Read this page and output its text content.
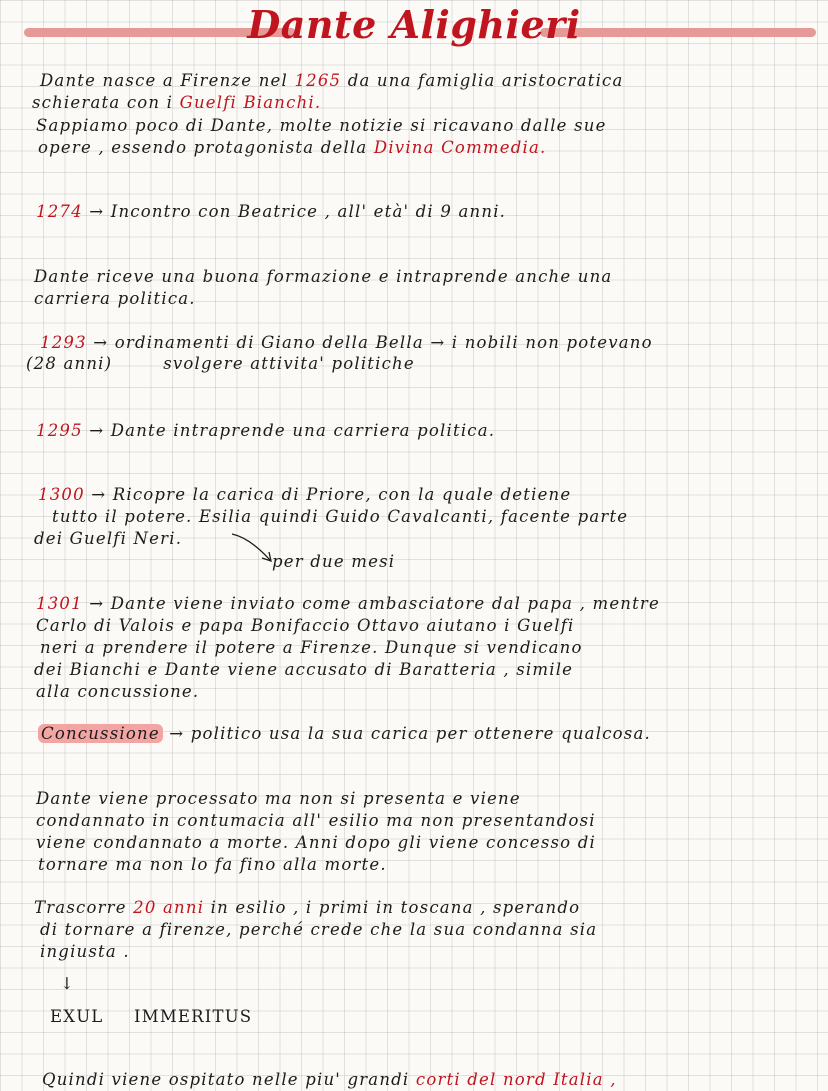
Dante Alighieri
Dante nasce a Firenze nel 1265 da una famiglia aristocratica
schierata con i Guelfi Bianchi.
Sappiamo poco di Dante, molte notizie si ricavano dalle sue
opere , essendo protagonista della Divina Commedia.
1274 → Incontro con Beatrice , all' età' di 9 anni.
Dante riceve una buona formazione e intraprende anche una
carriera politica.
1293 → ordinamenti di Giano della Bella → i nobili non potevano
(28 anni)	svolgere attivita' politiche
1295 → Dante intraprende una carriera politica.
1300 → Ricopre la carica di Priore, con la quale detiene
tutto il potere. Esilia quindi Guido Cavalcanti, facente parte
dei Guelfi Neri.
per due mesi
1301 → Dante viene inviato come ambasciatore dal papa , mentre
Carlo di Valois e papa Bonifaccio Ottavo aiutano i Guelfi
neri a prendere il potere a Firenze. Dunque si vendicano
dei Bianchi e Dante viene accusato di Baratteria , simile
alla concussione.
Concussione → politico usa la sua carica per ottenere qualcosa.
Dante viene processato ma non si presenta e viene
condannato in contumacia all' esilio ma non presentandosi
viene condannato a morte. Anni dopo gli viene concesso di
tornare ma non lo fa fino alla morte.
Trascorre 20 anni in esilio , i primi in toscana , sperando
di tornare a firenze, perché crede che la sua condanna sia
ingiusta .
↓
EXUL IMMERITUS
Quindi viene ospitato nelle piu' grandi corti del nord Italia ,
